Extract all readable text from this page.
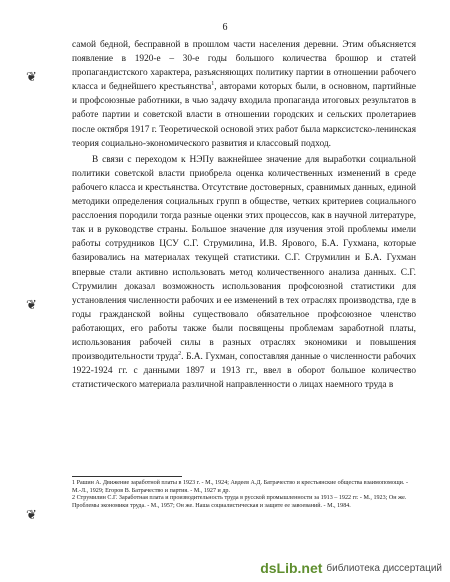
6
❦
❦
❦

самой бедной, бесправной в прошлом части населения деревни. Этим объясняется появление в 1920-е – 30-е годы большого количества брошюр и статей пропагандистского характера, разъясняющих политику партии в отношении рабочего класса и беднейшего крестьянства$^1$, авторами которых были, в основном, партийные и профсоюзные работники, в чью задачу входила пропаганда итоговых результатов в работе партии и советской власти в отношении городских и сельских пролетариев после октября 1917 г. Теоретической основой этих работ была марксистско-ленинская теория социально-экономического развития и классовый подход.

В связи с переходом к НЭПу важнейшее значение для выработки социальной политики советской власти приобрела оценка количественных изменений в среде рабочего класса и крестьянства. Отсутствие достоверных, сравнимых данных, единой методики определения социальных групп в обществе, четких критериев социального расслоения породили тогда разные оценки этих процессов, как в научной литературе, так и в руководстве страны. Большое значение для изучения этой проблемы имели работы сотрудников ЦСУ С.Г. Струмилина, И.В. Ярового, Б.А. Гухмана, которые базировались на материалах текущей статистики. С.Г. Струмилин и Б.А. Гухман впервые стали активно использовать метод количественного анализа данных. С.Г. Струмилин доказал возможность использования профсоюзной статистики для установления численности рабочих и ее изменений в тех отраслях производства, где в годы гражданской войны существовало обязательное профсоюзное членство работающих, его работы также были посвящены проблемам заработной платы, использования рабочей силы в разных отраслях экономики и повышения производительности труда$^2$. Б.А. Гухман, сопоставляя данные о численности рабочих 1922-1924 гг. с данными 1897 и 1913 гг., ввел в оборот большое количество статистического материала различной направленности о лицах наемного труда в

1 Рашин А. Движение заработной платы в 1923 г. - М., 1924; Авдеев А.Д. Батрачество и крестьянские общества взаимопомощи. - М.-Л., 1929; Егоров В. Батрачество и партия. - М., 1927 и др.

2 Струмилин С.Г. Заработная плата и производительность труда в русской промышленности за 1913 – 1922 гг. - М., 1923; Он же. Проблемы экономики труда. - М., 1957; Он же. Наша социалистическая и защите ее завоеваний. - М., 1984.

dsLib.net библиотека диссертаций
